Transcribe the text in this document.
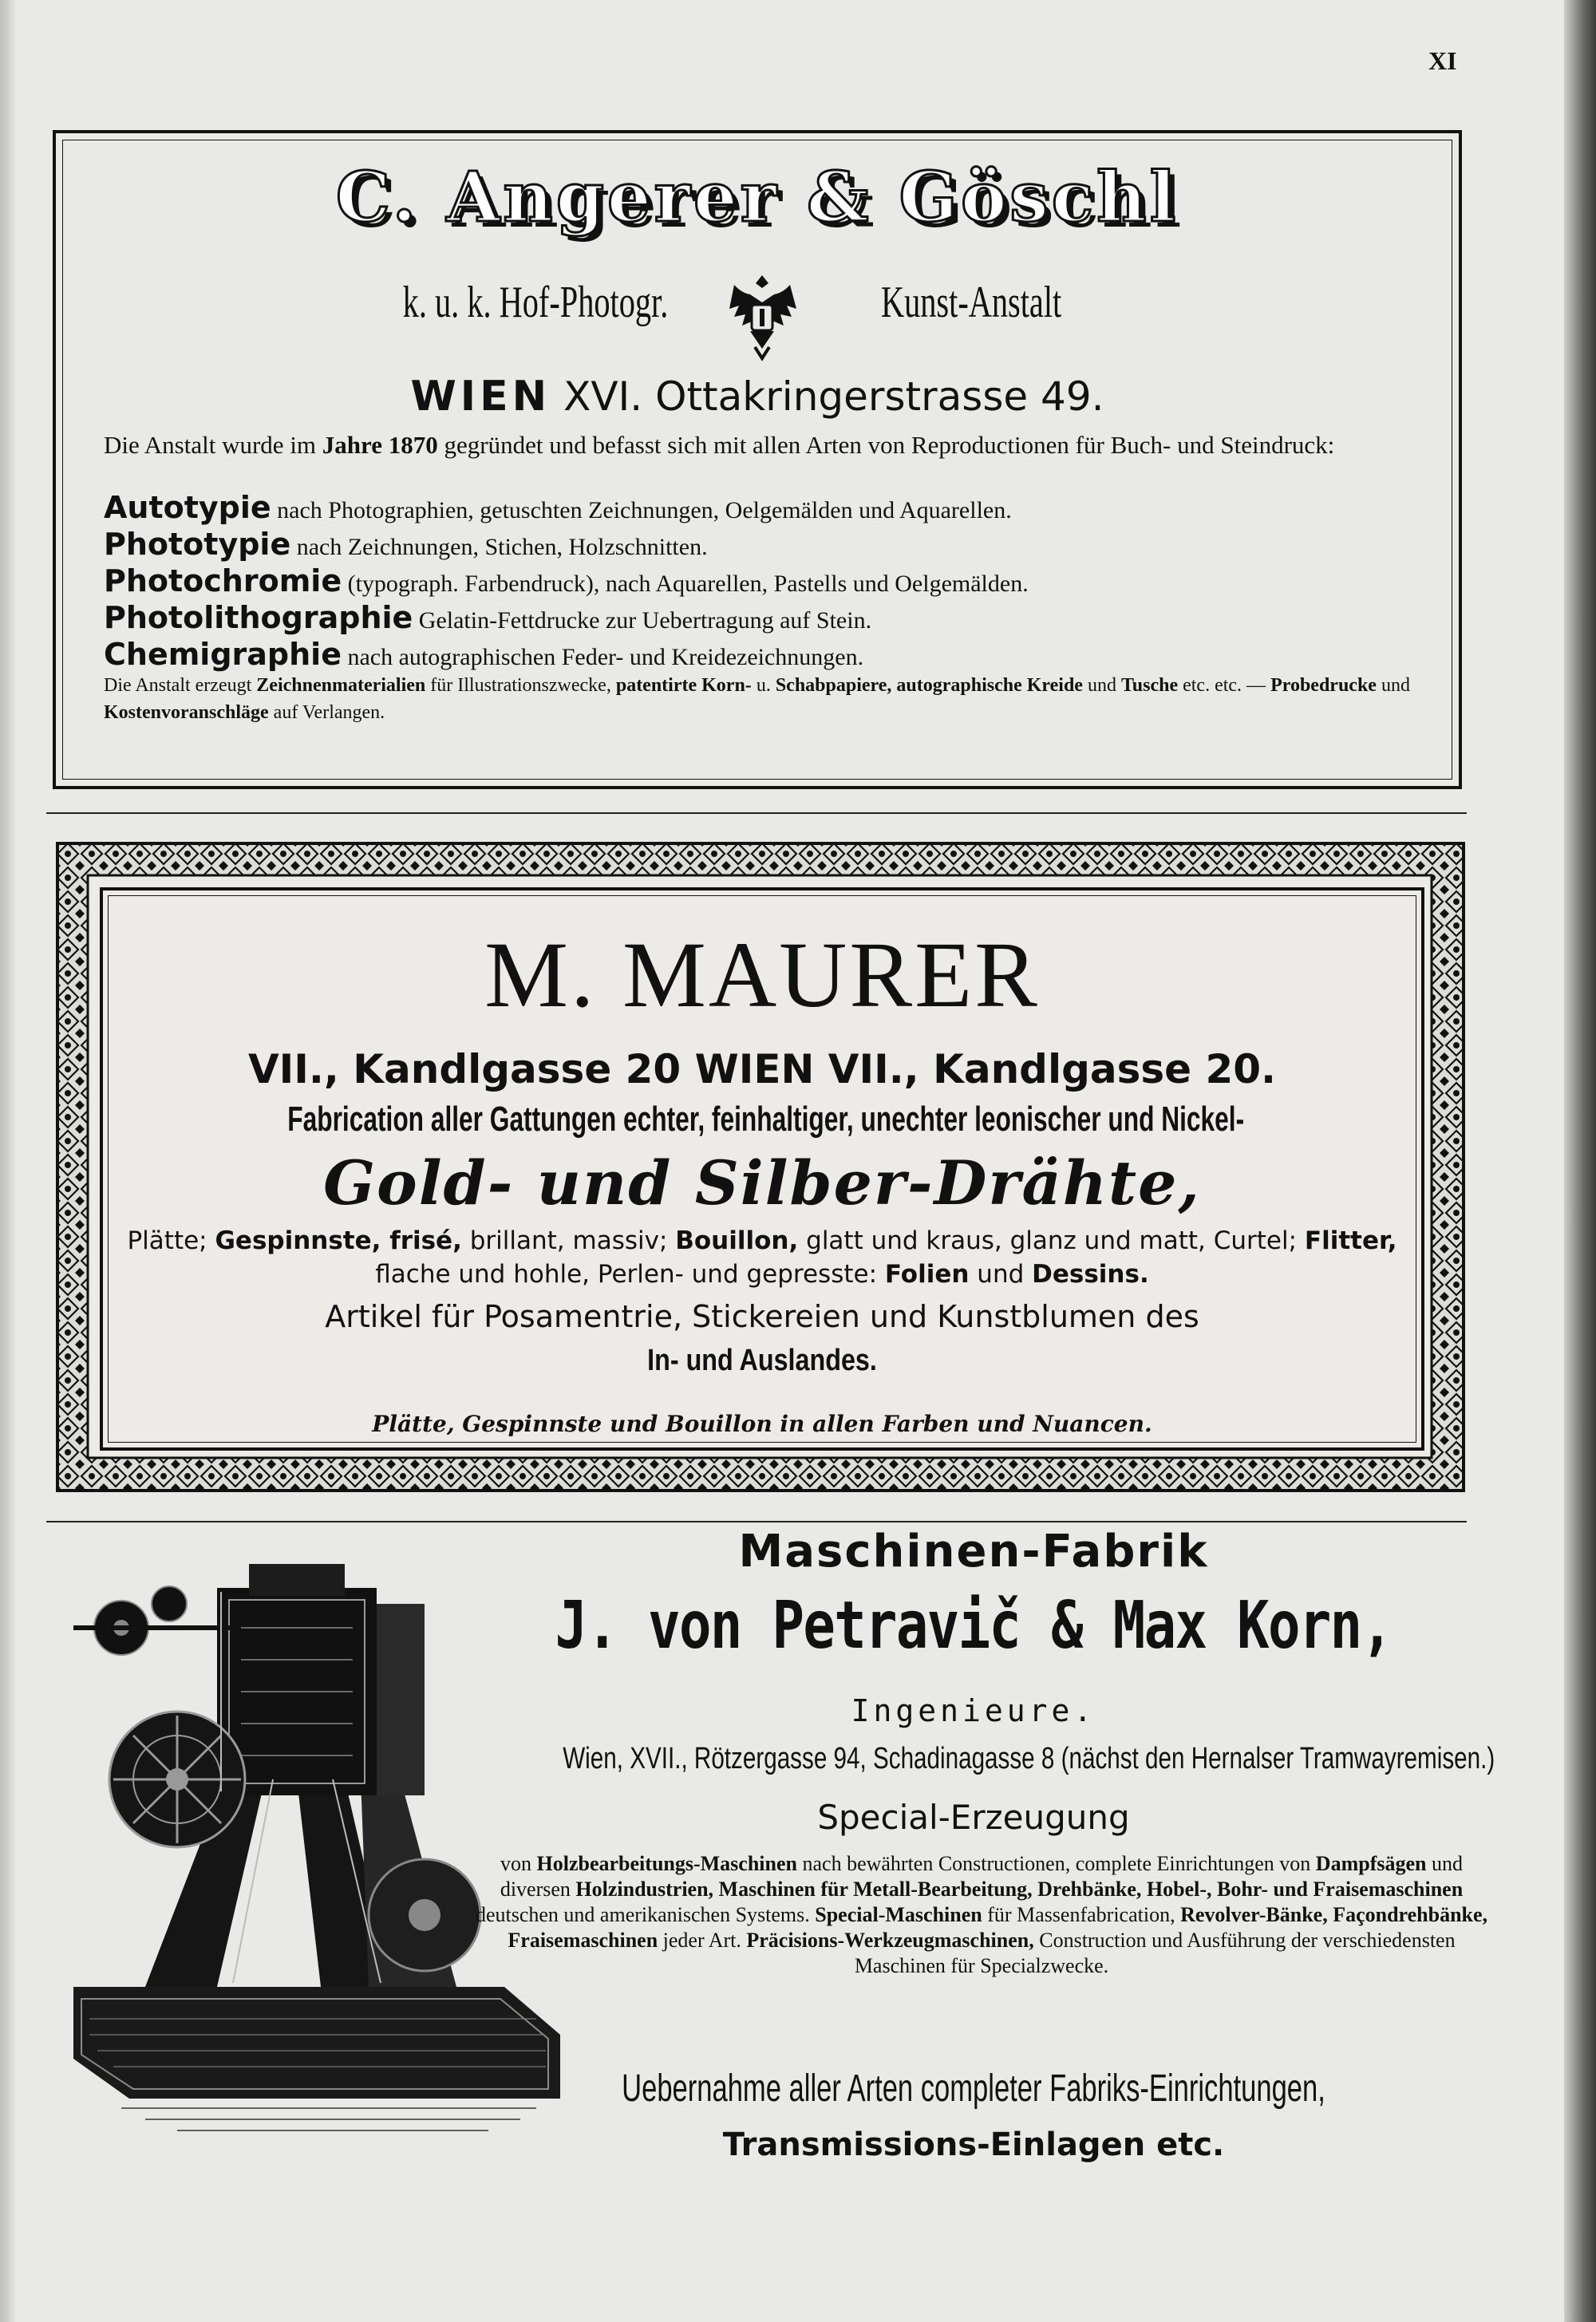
XI
C. Angerer & Göschl
k. u. k. Hof-Photogr.	Kunst-Anstalt
WIEN XVI. Ottakringerstrasse 49.
Die Anstalt wurde im Jahre 1870 gegründet und befasst sich mit allen Arten von Reproductionen für Buch- und Steindruck:
Autotypie nach Photographien, getuschten Zeichnungen, Oelgemälden und Aquarellen.
Phototypie nach Zeichnungen, Stichen, Holzschnitten.
Photochromie (typograph. Farbendruck), nach Aquarellen, Pastells und Oelgemälden.
Photolithographie Gelatin-Fettdrucke zur Uebertragung auf Stein.
Chemigraphie nach autographischen Feder- und Kreidezeichnungen.
Die Anstalt erzeugt Zeichnenmaterialien für Illustrationszwecke, patentirte Korn- u. Schabpapiere, autographische Kreide und Tusche etc. etc. — Probedrucke und Kostenvoranschläge auf Verlangen.
M. MAURER
VII., Kandlgasse 20 WIEN VII., Kandlgasse 20.
Fabrication aller Gattungen echter, feinhaltiger, unechter leonischer und Nickel-
Gold- und Silber-Drähte,
Plätte; Gespinnste, frisé, brillant, massiv; Bouillon, glatt und kraus, glanz und matt, Curtel; Flitter, flache und hohle, Perlen- und gepresste: Folien und Dessins.
Artikel für Posamentrie, Stickereien und Kunstblumen des
In- und Auslandes.
Plätte, Gespinnste und Bouillon in allen Farben und Nuancen.
Maschinen-Fabrik
J. von Petravič & Max Korn,
Ingenieure.
Wien, XVII., Rötzergasse 94, Schadinagasse 8 (nächst den Hernalser Tramwayremisen.)
Special-Erzeugung
von Holzbearbeitungs-Maschinen nach bewährten Constructionen, complete Einrichtungen von Dampfsägen und diversen Holzindustrien, Maschinen für Metall-Bearbeitung, Drehbänke, Hobel-, Bohr- und Fraisemaschinen deutschen und amerikanischen Systems. Special-Maschinen für Massenfabrication, Revolver-Bänke, Façondrehbänke, Fraisemaschinen jeder Art. Präcisions-Werkzeugmaschinen, Construction und Ausführung der verschiedensten Maschinen für Specialzwecke.
Uebernahme aller Arten completer Fabriks-Einrichtungen,
Transmissions-Einlagen etc.
